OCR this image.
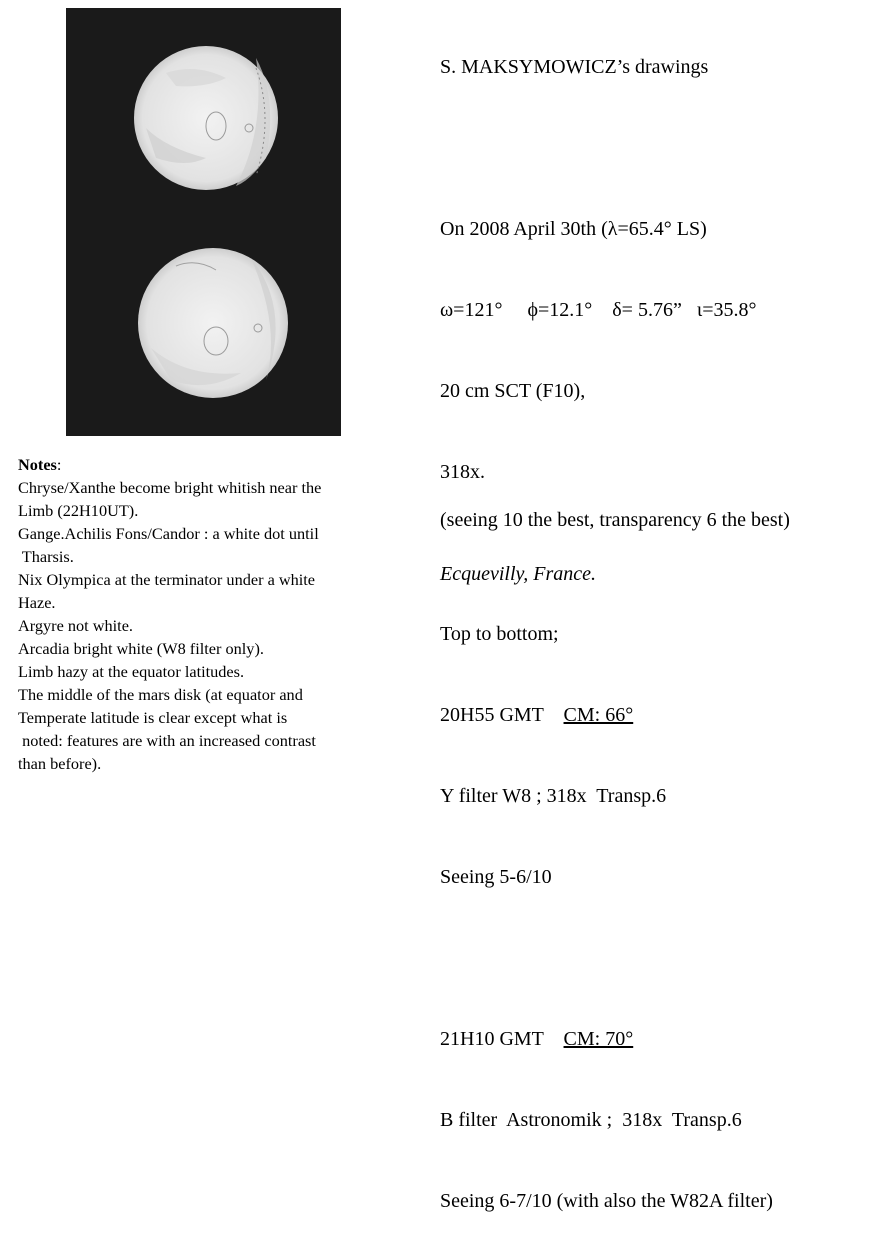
S. MAKSYMOWICZ’s drawings

On 2008 April 30th (λ=65.4° LS)

ω=121°     ϕ=12.1°    δ= 5.76”   ι=35.8°

20 cm SCT (F10),

318x.

Top to bottom;

20H55 GMT CM: 66°

Y filter W8 ; 318x  Transp.6

Seeing 5-6/10

21H10 GMT CM: 70°

B filter  Astronomik ;  318x  Transp.6

Seeing 6-7/10 (with also the W82A filter)

(seeing 10 the best, transparency 6 the best)
Ecquevilly, France.
Notes:
Chryse/Xanthe become bright whitish near the
Limb (22H10UT).
Gange.Achilis Fons/Candor : a white dot until
Tharsis.
Nix Olympica at the terminator under a white
Haze.
Argyre not white.
Arcadia bright white (W8 filter only).
Limb hazy at the equator latitudes.
The middle of the mars disk (at equator and
Temperate latitude is clear except what is
noted: features are with an increased contrast
than before).
